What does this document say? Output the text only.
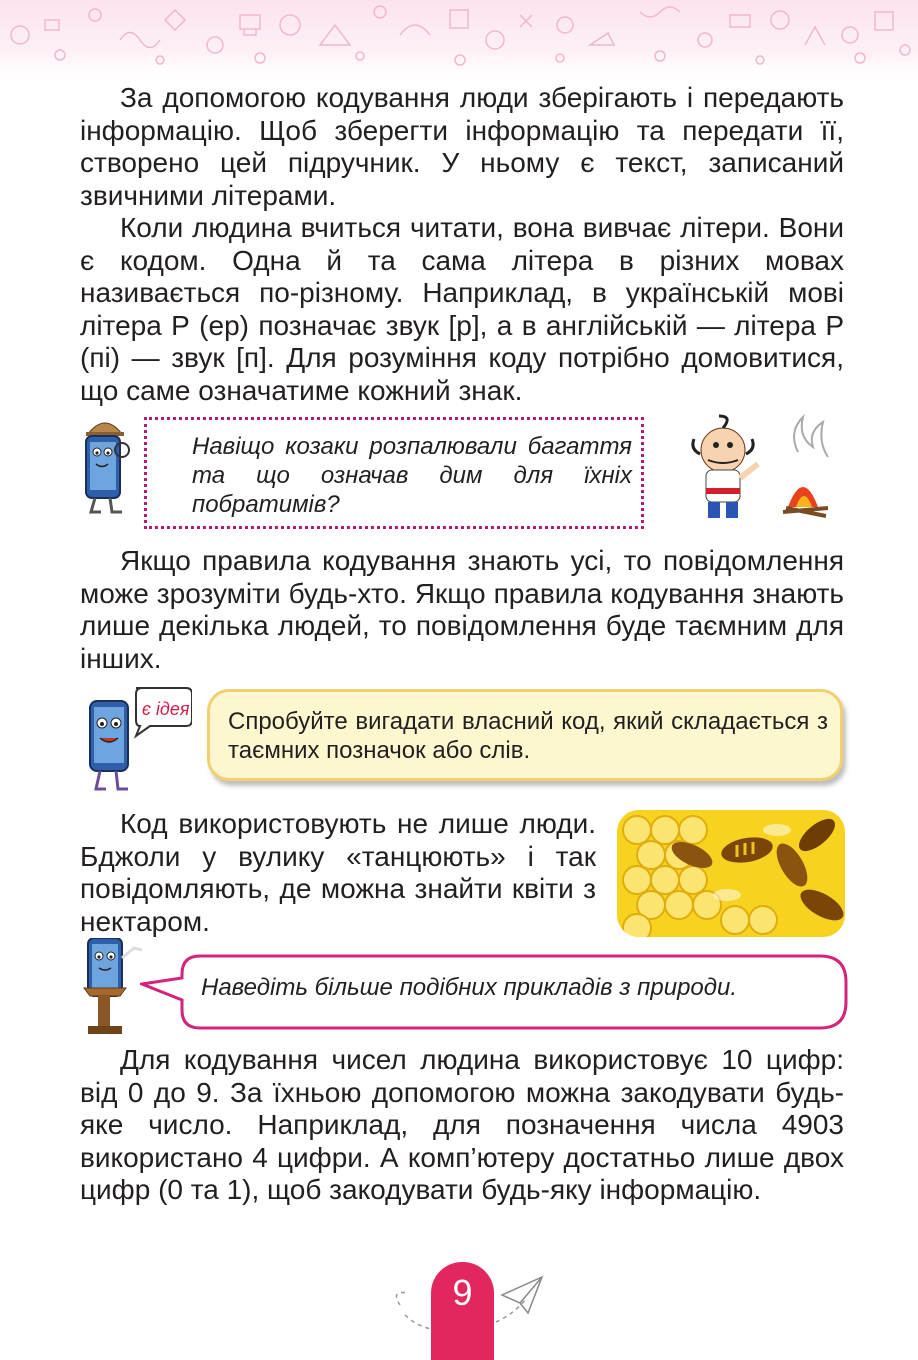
За допомогою кодування люди зберігають і передають інформацію. Щоб зберегти інформацію та передати її, створено цей підручник. У ньому є текст, записаний звичними літерами.

Коли людина вчиться читати, вона вивчає літери. Вони є кодом. Одна й та сама літера в різних мовах називається по-різному. Наприклад, в українській мові літера Р (ер) позначає звук [р], а в англійській — літера P (пі) — звук [п]. Для розуміння коду потрібно домовитися, що саме означатиме кожний знак.

Навіщо козаки розпалювали багаття та що означав дим для їхніх побратимів?

Якщо правила кодування знають усі, то повідомлення може зрозуміти будь-хто. Якщо правила кодування знають лише декілька людей, то повідомлення буде таємним для інших.

є ідея Спробуйте вигадати власний код, який складається з таємних позначок або слів.

Код використовують не лише люди. Бджоли у вулику «танцюють» і так повідомляють, де можна знайти квіти з нектаром.

Наведіть більше подібних прикладів з природи.

Для кодування чисел людина використовує 10 цифр: від 0 до 9. За їхньою допомогою можна закодувати будь-яке число. Наприклад, для позначення числа 4903 використано 4 цифри. А комп’ютеру достатньо лише двох цифр (0 та 1), щоб закодувати будь-яку інформацію.

9
